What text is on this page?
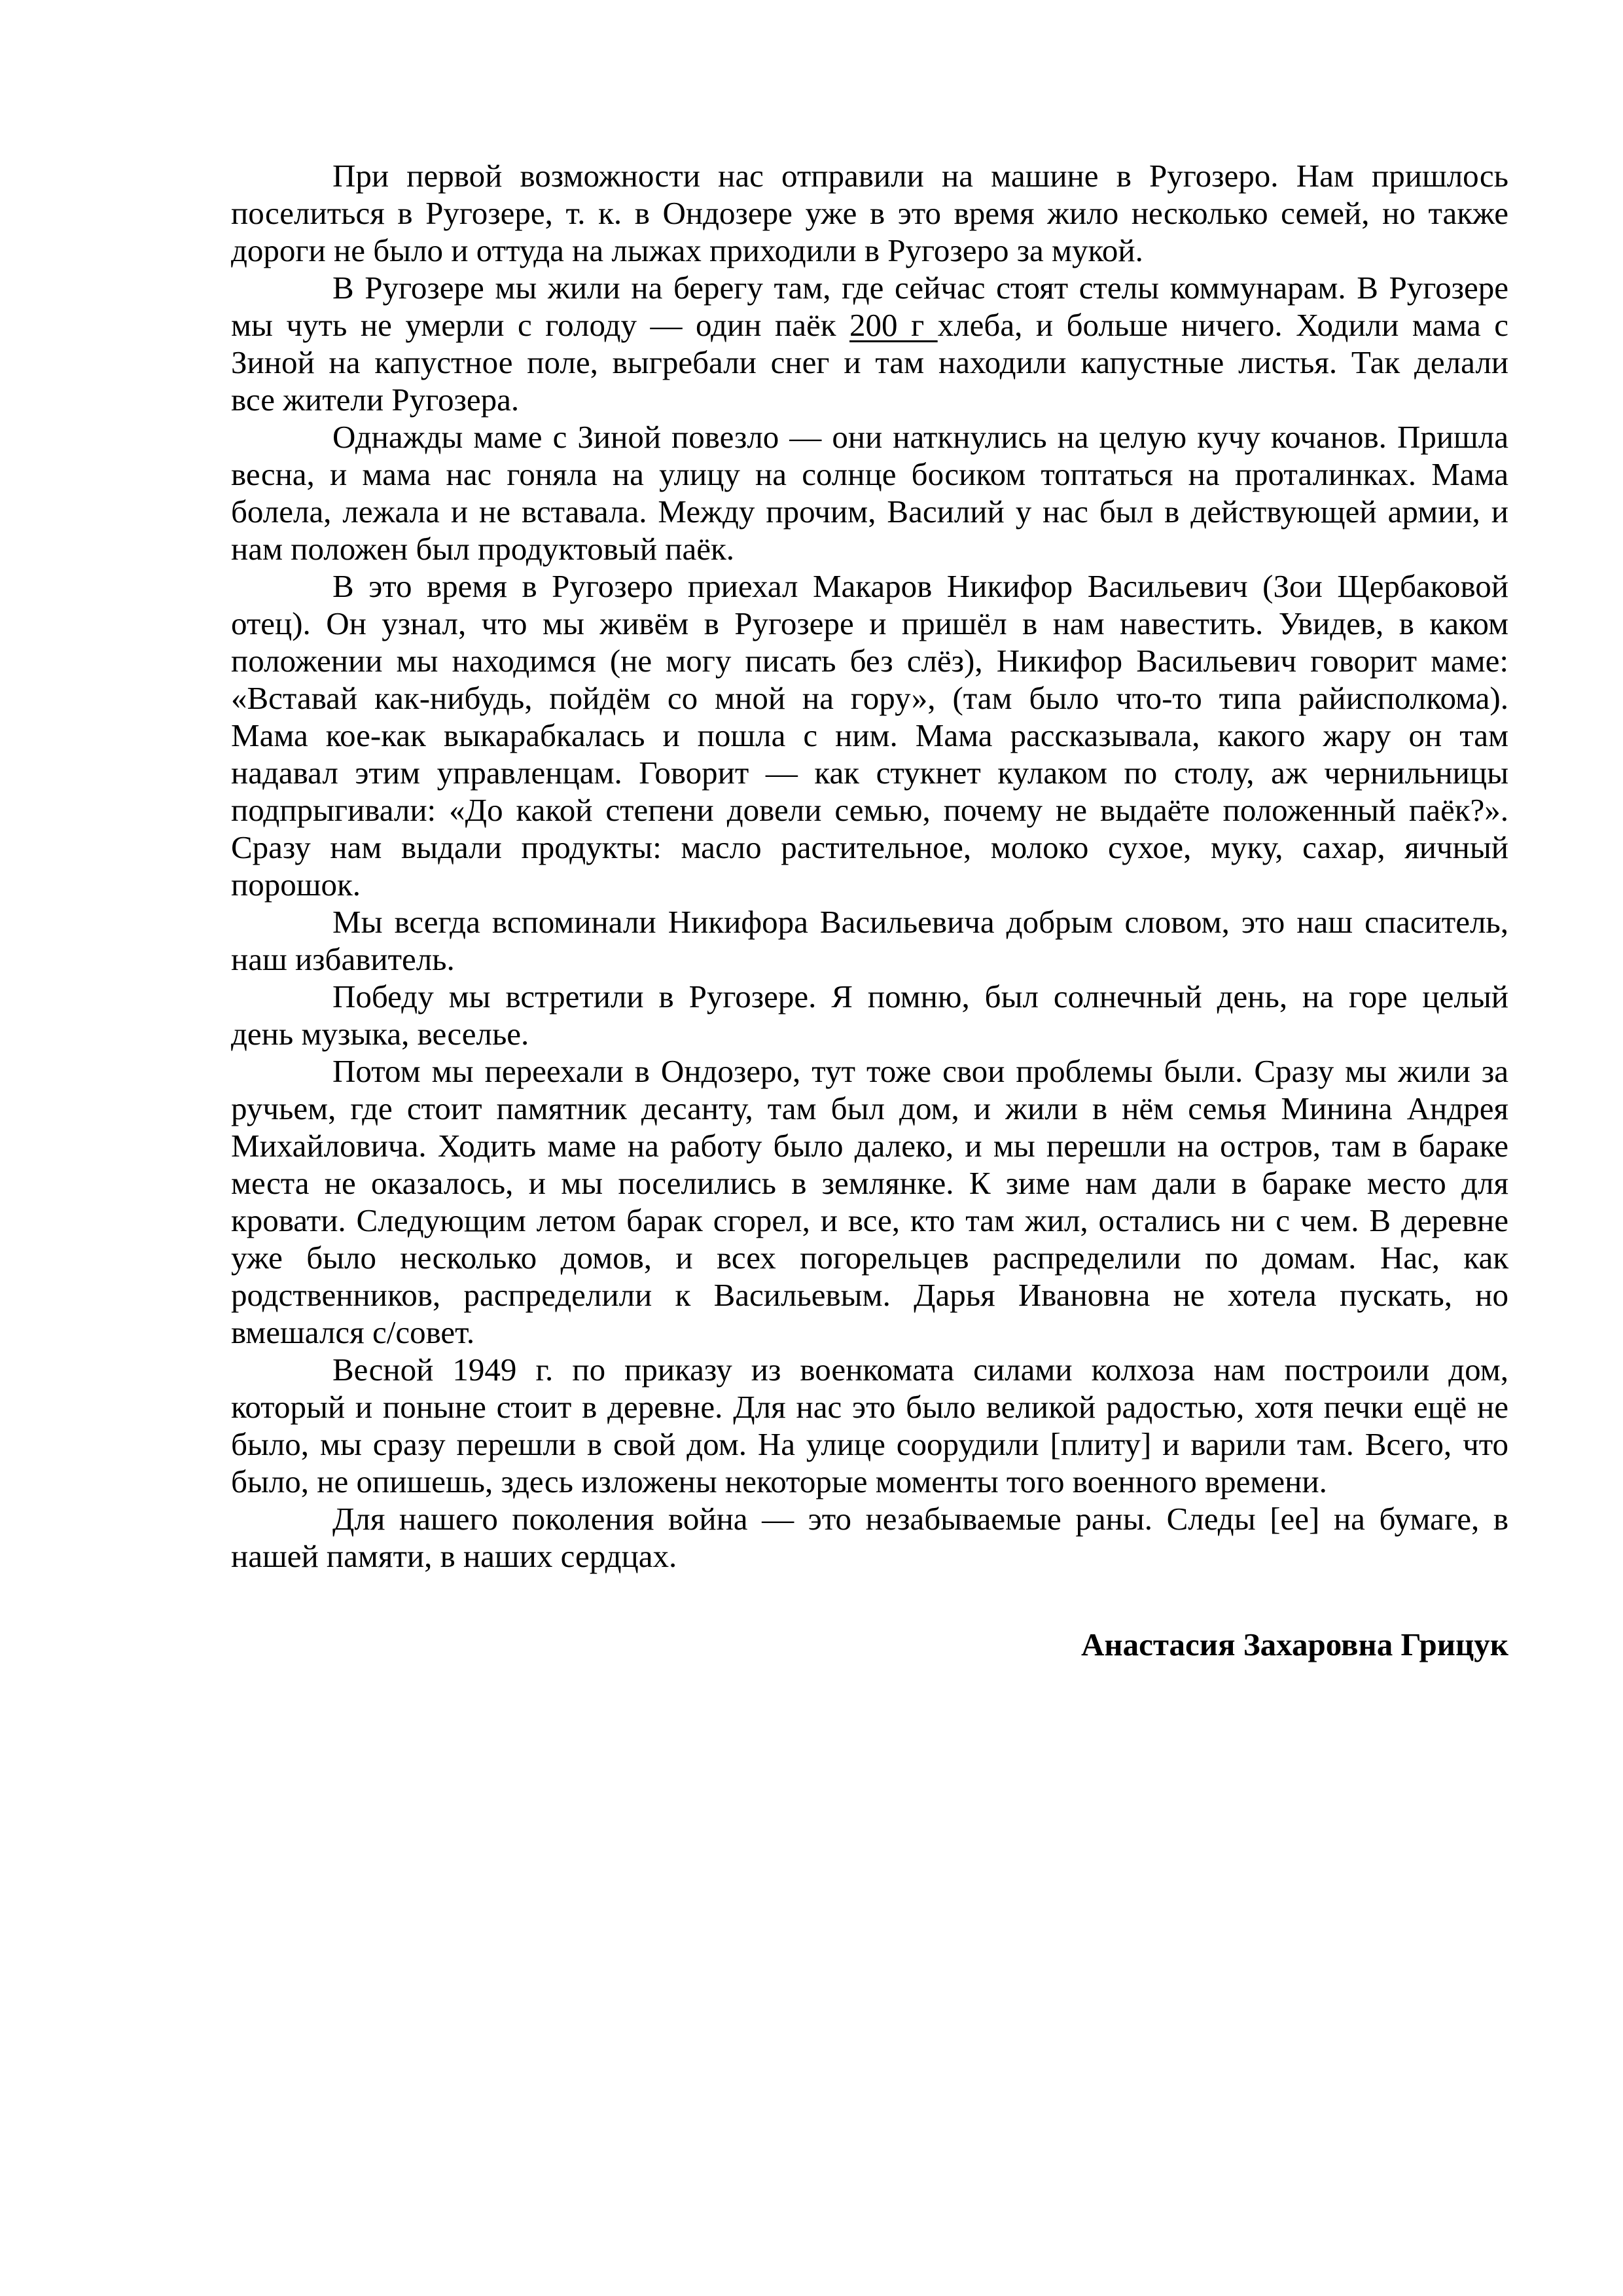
При первой возможности нас отправили на машине в Ругозеро. Нам пришлось
поселиться в Ругозере, т. к. в Ондозере уже в это время жило несколько семей, но также
дороги не было и оттуда на лыжах приходили в Ругозеро за мукой.
В Ругозере мы жили на берегу там, где сейчас стоят стелы коммунарам. В Ругозере
мы чуть не умерли с голоду — один паёк 200 г хлеба, и больше ничего. Ходили мама с
Зиной на капустное поле, выгребали снег и там находили капустные листья. Так делали
все жители Ругозера.
Однажды маме с Зиной повезло — они наткнулись на целую кучу кочанов. Пришла
весна, и мама нас гоняла на улицу на солнце босиком топтаться на проталинках. Мама
болела, лежала и не вставала. Между прочим, Василий у нас был в действующей армии, и
нам положен был продуктовый паёк.
В это время в Ругозеро приехал Макаров Никифор Васильевич (Зои Щербаковой
отец). Он узнал, что мы живём в Ругозере и пришёл в нам навестить. Увидев, в каком
положении мы находимся (не могу писать без слёз), Никифор Васильевич говорит маме:
«Вставай как-нибудь, пойдём со мной на гору», (там было что-то типа райисполкома).
Мама кое-как выкарабкалась и пошла с ним. Мама рассказывала, какого жару он там
надавал этим управленцам. Говорит — как стукнет кулаком по столу, аж чернильницы
подпрыгивали: «До какой степени довели семью, почему не выдаёте положенный паёк?».
Сразу нам выдали продукты: масло растительное, молоко сухое, муку, сахар, яичный
порошок.
Мы всегда вспоминали Никифора Васильевича добрым словом, это наш спаситель,
наш избавитель.
Победу мы встретили в Ругозере. Я помню, был солнечный день, на горе целый
день музыка, веселье.
Потом мы переехали в Ондозеро, тут тоже свои проблемы были. Сразу мы жили за
ручьем, где стоит памятник десанту, там был дом, и жили в нём семья Минина Андрея
Михайловича. Ходить маме на работу было далеко, и мы перешли на остров, там в бараке
места не оказалось, и мы поселились в землянке. К зиме нам дали в бараке место для
кровати. Следующим летом барак сгорел, и все, кто там жил, остались ни с чем. В деревне
уже было несколько домов, и всех погорельцев распределили по домам. Нас, как
родственников, распределили к Васильевым. Дарья Ивановна не хотела пускать, но
вмешался с/совет.
Весной 1949 г. по приказу из военкомата силами колхоза нам построили дом,
который и поныне стоит в деревне. Для нас это было великой радостью, хотя печки ещё не
было, мы сразу перешли в свой дом. На улице соорудили [плиту] и варили там. Всего, что
было, не опишешь, здесь изложены некоторые моменты того военного времени.
Для нашего поколения война — это незабываемые раны. Следы [ее] на бумаге, в
нашей памяти, в наших сердцах.
Анастасия Захаровна Грицук
